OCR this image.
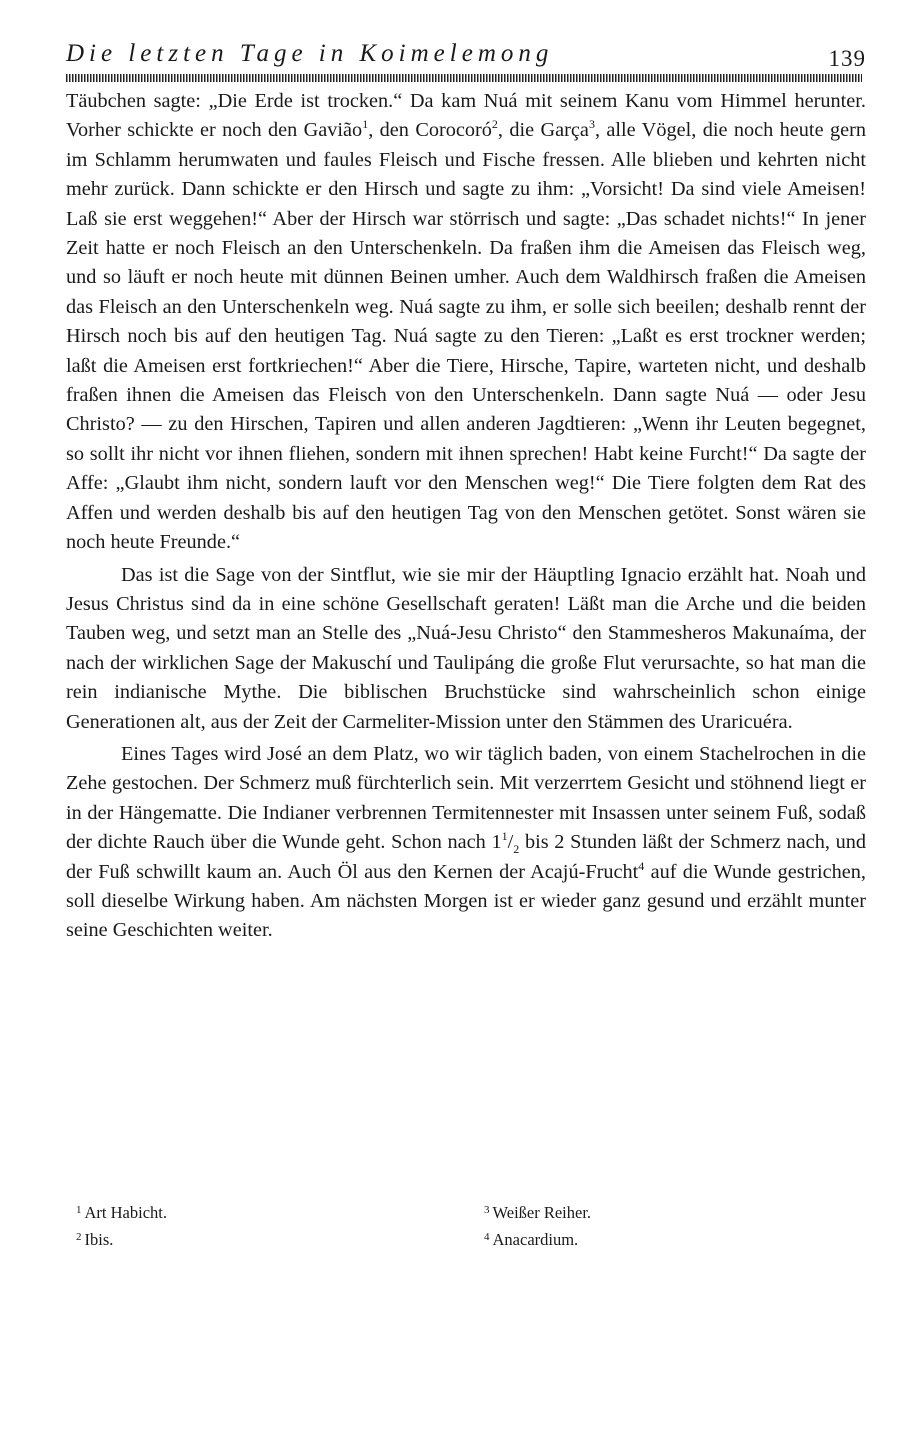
Die letzten Tage in Koimelemong	139

Täubchen sagte: „Die Erde ist trocken.“ Da kam Nuá mit seinem Kanu vom Himmel herunter. Vorher schickte er noch den Gavião$^1$, den Corocoró$^2$, die Garça$^3$, alle Vögel, die noch heute gern im Schlamm herumwaten und faules Fleisch und Fische fressen. Alle blieben und kehrten nicht mehr zurück. Dann schickte er den Hirsch und sagte zu ihm: „Vorsicht! Da sind viele Ameisen! Laß sie erst weggehen!“ Aber der Hirsch war störrisch und sagte: „Das schadet nichts!“ In jener Zeit hatte er noch Fleisch an den Unterschenkeln. Da fraßen ihm die Ameisen das Fleisch weg, und so läuft er noch heute mit dünnen Beinen umher. Auch dem Waldhirsch fraßen die Ameisen das Fleisch an den Unterschenkeln weg. Nuá sagte zu ihm, er solle sich beeilen; deshalb rennt der Hirsch noch bis auf den heutigen Tag. Nuá sagte zu den Tieren: „Laßt es erst trockner werden; laßt die Ameisen erst fortkriechen!“ Aber die Tiere, Hirsche, Tapire, warteten nicht, und deshalb fraßen ihnen die Ameisen das Fleisch von den Unterschenkeln. Dann sagte Nuá — oder Jesu Christo? — zu den Hirschen, Tapiren und allen anderen Jagdtieren: „Wenn ihr Leuten begegnet, so sollt ihr nicht vor ihnen fliehen, sondern mit ihnen sprechen! Habt keine Furcht!“ Da sagte der Affe: „Glaubt ihm nicht, sondern lauft vor den Menschen weg!“ Die Tiere folgten dem Rat des Affen und werden deshalb bis auf den heutigen Tag von den Menschen getötet. Sonst wären sie noch heute Freunde.“

Das ist die Sage von der Sintflut, wie sie mir der Häuptling Ignacio erzählt hat. Noah und Jesus Christus sind da in eine schöne Gesellschaft geraten! Läßt man die Arche und die beiden Tauben weg, und setzt man an Stelle des „Nuá-Jesu Christo“ den Stammesheros Makunaíma, der nach der wirklichen Sage der Makuschí und Taulipáng die große Flut verursachte, so hat man die rein indianische Mythe. Die biblischen Bruchstücke sind wahrscheinlich schon einige Generationen alt, aus der Zeit der Carmeliter-Mission unter den Stämmen des Uraricuéra.

Eines Tages wird José an dem Platz, wo wir täglich baden, von einem Stachelrochen in die Zehe gestochen. Der Schmerz muß fürchterlich sein. Mit verzerrtem Gesicht und stöhnend liegt er in der Hängematte. Die Indianer verbrennen Termitennester mit Insassen unter seinem Fuß, sodaß der dichte Rauch über die Wunde geht. Schon nach $1^1/_2$ bis 2 Stunden läßt der Schmerz nach, und der Fuß schwillt kaum an. Auch Öl aus den Kernen der Acajú-Frucht$^4$ auf die Wunde gestrichen, soll dieselbe Wirkung haben. Am nächsten Morgen ist er wieder ganz gesund und erzählt munter seine Geschichten weiter.

$^1$ Art Habicht.
$^2$ Ibis.
$^3$ Weißer Reiher.
$^4$ Anacardium.
